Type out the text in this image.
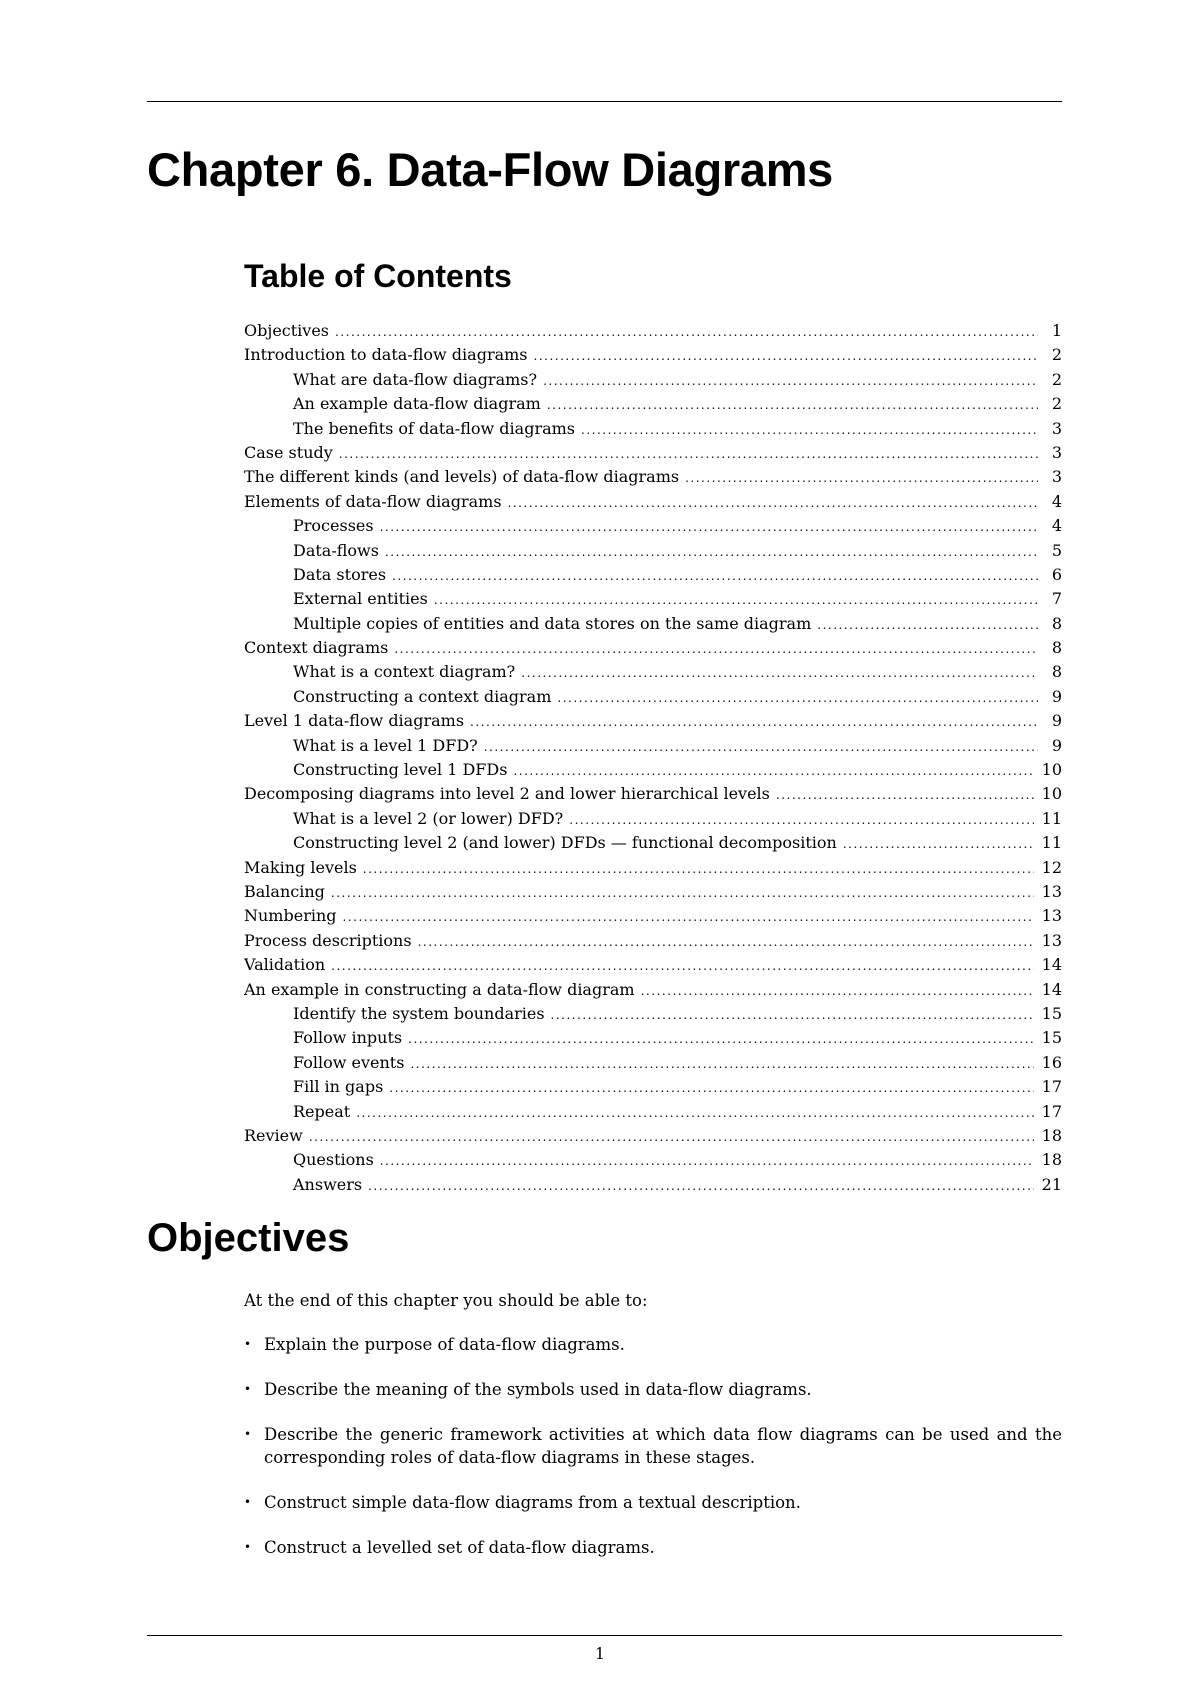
Chapter 6. Data-Flow Diagrams
Table of Contents
Objectives .....	1
Introduction to data-flow diagrams .....	2
What are data-flow diagrams? .....	2
An example data-flow diagram .....	2
The benefits of data-flow diagrams .....	3
Case study .....	3
The different kinds (and levels) of data-flow diagrams .....	3
Elements of data-flow diagrams .....	4
Processes .....	4
Data-flows .....	5
Data stores .....	6
External entities .....	7
Multiple copies of entities and data stores on the same diagram .....	8
Context diagrams .....	8
What is a context diagram? .....	8
Constructing a context diagram .....	9
Level 1 data-flow diagrams .....	9
What is a level 1 DFD? .....	9
Constructing level 1 DFDs .....	10
Decomposing diagrams into level 2 and lower hierarchical levels .....	10
What is a level 2 (or lower) DFD? .....	11
Constructing level 2 (and lower) DFDs — functional decomposition .....	11
Making levels .....	12
Balancing .....	13
Numbering .....	13
Process descriptions .....	13
Validation .....	14
An example in constructing a data-flow diagram .....	14
Identify the system boundaries .....	15
Follow inputs .....	15
Follow events .....	16
Fill in gaps .....	17
Repeat .....	17
Review .....	18
Questions .....	18
Answers .....	21
Objectives

At the end of this chapter you should be able to:

• Explain the purpose of data-flow diagrams.
• Describe the meaning of the symbols used in data-flow diagrams.
• Describe the generic framework activities at which data flow diagrams can be used and the corresponding roles of data-flow diagrams in these stages.
• Construct simple data-flow diagrams from a textual description.
• Construct a levelled set of data-flow diagrams.
1
